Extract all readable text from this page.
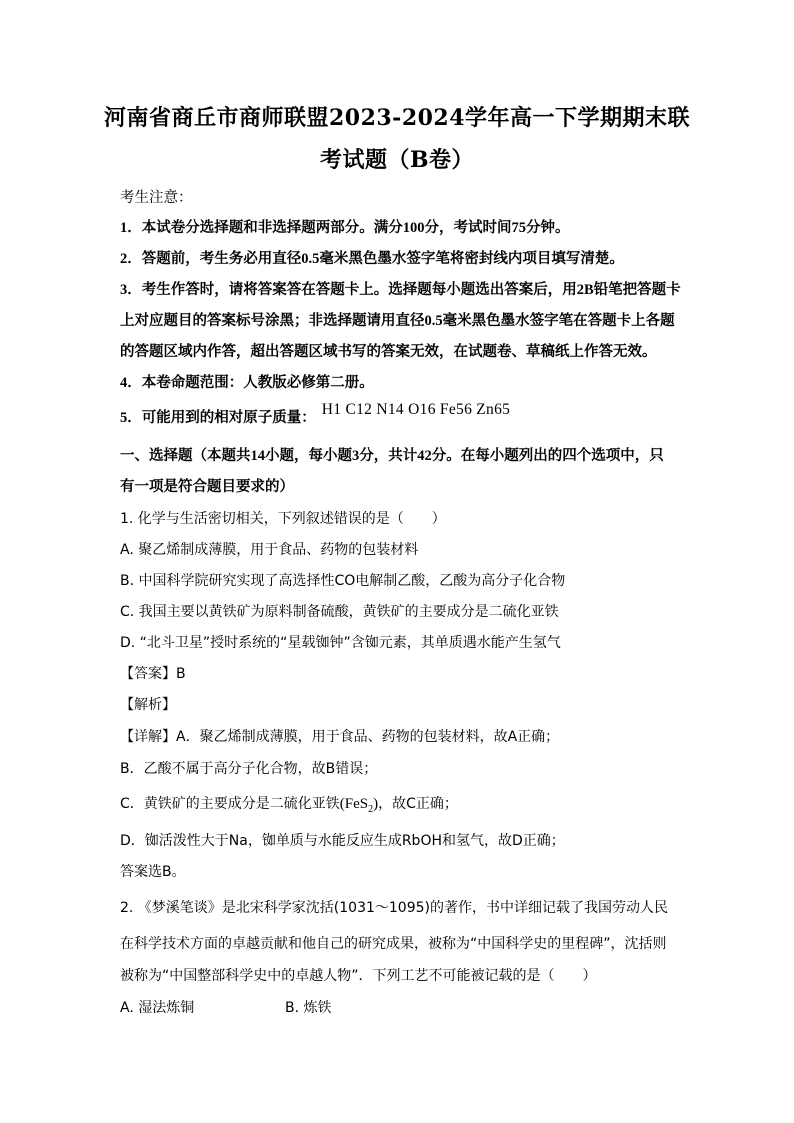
河南省商丘市商师联盟2023-2024学年高一下学期期末联
考试题（B卷）
考生注意：
1．本试卷分选择题和非选择题两部分。满分100分，考试时间75分钟。
2．答题前，考生务必用直径0.5毫米黑色墨水签字笔将密封线内项目填写清楚。
3．考生作答时，请将答案答在答题卡上。选择题每小题选出答案后，用2B铅笔把答题卡
上对应题目的答案标号涂黑；非选择题请用直径0.5毫米黑色墨水签字笔在答题卡上各题
的答题区域内作答，超出答题区域书写的答案无效，在试题卷、草稿纸上作答无效。
4．本卷命题范围：人教版必修第二册。
5．可能用到的相对原子质量： H1 C12 N14 O16 Fe56 Zn65
一、选择题（本题共14小题，每小题3分，共计42分。在每小题列出的四个选项中，只
有一项是符合题目要求的）
1. 化学与生活密切相关，下列叙述错误的是（　　）
A. 聚乙烯制成薄膜，用于食品、药物的包装材料
B. 中国科学院研究实现了高选择性CO电解制乙酸，乙酸为高分子化合物
C. 我国主要以黄铁矿为原料制备硫酸，黄铁矿的主要成分是二硫化亚铁
D. “北斗卫星”授时系统的“星载铷钟”含铷元素，其单质遇水能产生氢气
【答案】B
【解析】
【详解】A．聚乙烯制成薄膜，用于食品、药物的包装材料，故A正确；
B．乙酸不属于高分子化合物，故B错误；
C．黄铁矿的主要成分是二硫化亚铁(FeS$_2$)，故C正确；
D．铷活泼性大于Na，铷单质与水能反应生成RbOH和氢气，故D正确；
答案选B。
2. 《梦溪笔谈》是北宋科学家沈括(1031～1095)的著作，书中详细记载了我国劳动人民
在科学技术方面的卓越贡献和他自己的研究成果，被称为“中国科学史的里程碑”，沈括则
被称为“中国整部科学史中的卓越人物”．下列工艺不可能被记载的是（　　）
A. 湿法炼铜	B. 炼铁
